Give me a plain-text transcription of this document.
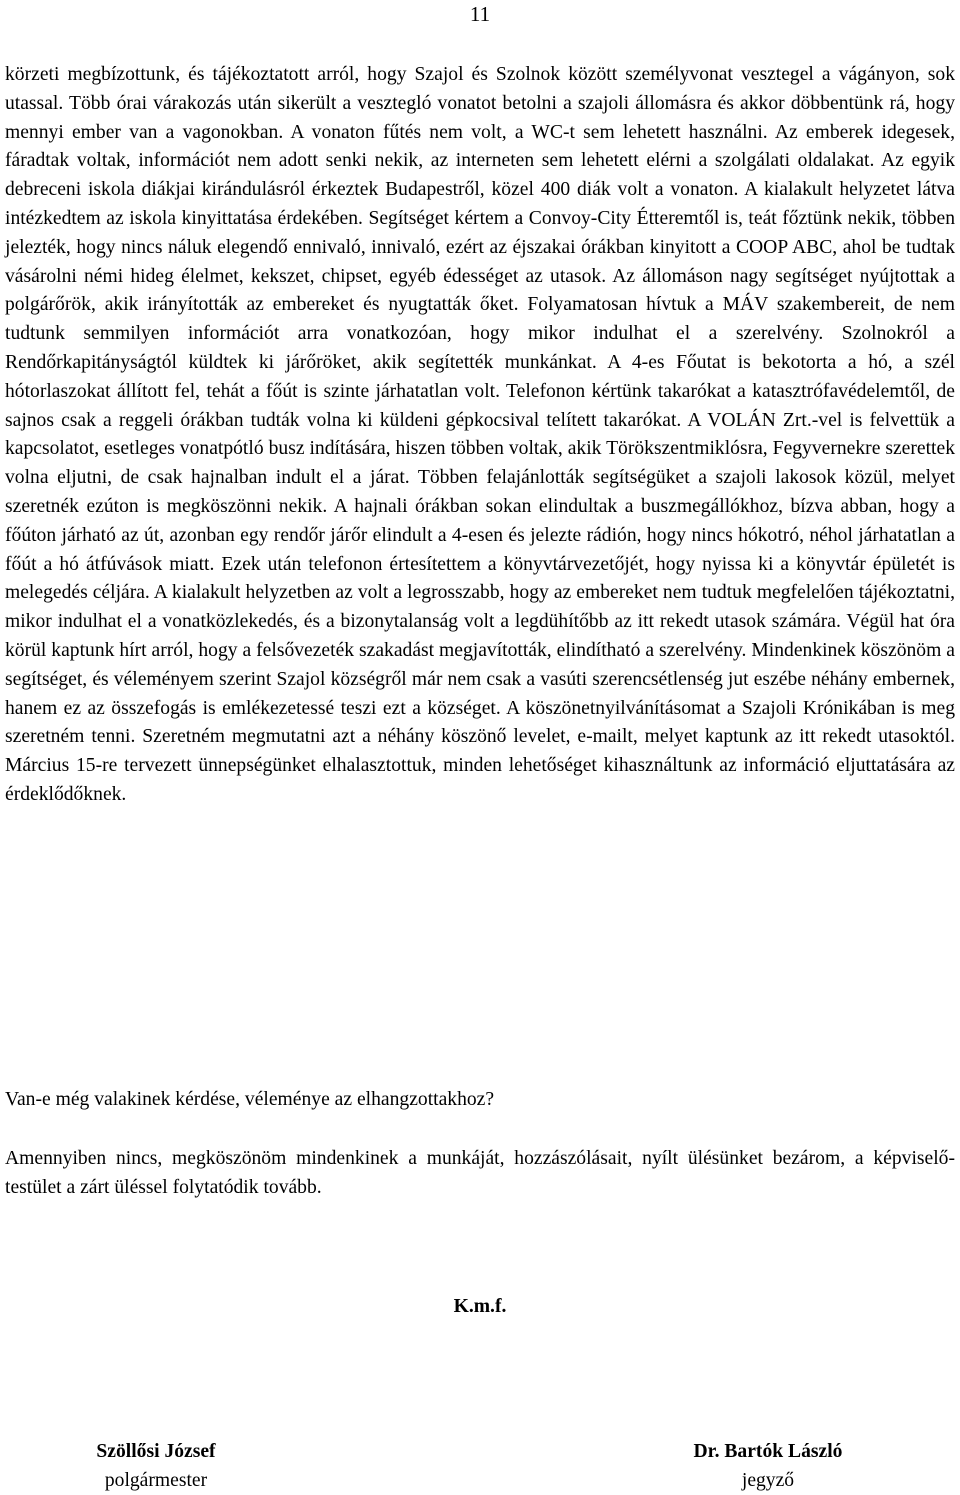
11

körzeti megbízottunk, és tájékoztatott arról, hogy Szajol és Szolnok között személyvonat vesztegel a vágányon, sok utassal. Több órai várakozás után sikerült a vesztegló vonatot betolni a szajoli állomásra és akkor döbbentünk rá, hogy mennyi ember van a vagonokban. A vonaton fűtés nem volt, a WC-t sem lehetett használni. Az emberek idegesek, fáradtak voltak, információt nem adott senki nekik, az interneten sem lehetett elérni a szolgálati oldalakat. Az egyik debreceni iskola diákjai kirándulásról érkeztek Budapestről, közel 400 diák volt a vonaton. A kialakult helyzetet látva intézkedtem az iskola kinyittatása érdekében. Segítséget kértem a Convoy-City Étteremtől is, teát főztünk nekik, többen jelezték, hogy nincs náluk elegendő ennivaló, innivaló, ezért az éjszakai órákban kinyitott a COOP ABC, ahol be tudtak vásárolni némi hideg élelmet, kekszet, chipset, egyéb édességet az utasok. Az állomáson nagy segítséget nyújtottak a polgárőrök, akik irányították az embereket és nyugtatták őket. Folyamatosan hívtuk a MÁV szakembereit, de nem tudtunk semmilyen információt arra vonatkozóan, hogy mikor indulhat el a szerelvény. Szolnokról a Rendőrkapitányságtól küldtek ki járőröket, akik segítették munkánkat. A 4-es Főutat is bekotorta a hó, a szél hótorlaszokat állított fel, tehát a főút is szinte járhatatlan volt. Telefonon kértünk takarókat a katasztrófavédelemtől, de sajnos csak a reggeli órákban tudták volna ki küldeni gépkocsival telített takarókat. A VOLÁN Zrt.-vel is felvettük a kapcsolatot, esetleges vonatpótló busz indítására, hiszen többen voltak, akik Törökszentmiklósra, Fegyvernekre szerettek volna eljutni, de csak hajnalban indult el a járat. Többen felajánlották segítségüket a szajoli lakosok közül, melyet szeretnék ezúton is megköszönni nekik. A hajnali órákban sokan elindultak a buszmegállókhoz, bízva abban, hogy a főúton járható az út, azonban egy rendőr járőr elindult a 4-esen és jelezte rádión, hogy nincs hókotró, néhol járhatatlan a főút a hó átfúvások miatt. Ezek után telefonon értesítettem a könyvtárvezetőjét, hogy nyissa ki a könyvtár épületét is melegedés céljára. A kialakult helyzetben az volt a legrosszabb, hogy az embereket nem tudtuk megfelelően tájékoztatni, mikor indulhat el a vonatközlekedés, és a bizonytalanság volt a legdühítőbb az itt rekedt utasok számára. Végül hat óra körül kaptunk hírt arról, hogy a felsővezeték szakadást megjavították, elindítható a szerelvény. Mindenkinek köszönöm a segítséget, és véleményem szerint Szajol községről már nem csak a vasúti szerencsétlenség jut eszébe néhány embernek, hanem ez az összefogás is emlékezetessé teszi ezt a községet. A köszönetnyilvánításomat a Szajoli Krónikában is meg szeretném tenni. Szeretném megmutatni azt a néhány köszönő levelet, e-mailt, melyet kaptunk az itt rekedt utasoktól. Március 15-re tervezett ünnepségünket elhalasztottuk, minden lehetőséget kihasználtunk az információ eljuttatására az érdeklődőknek.

Van-e még valakinek kérdése, véleménye az elhangzottakhoz?

Amennyiben nincs, megköszönöm mindenkinek a munkáját, hozzászólásait, nyílt ülésünket bezárom, a képviselő-testület a zárt üléssel folytatódik tovább.

K.m.f.
Szöllősi József
polgármester
Dr. Bartók László
jegyző
